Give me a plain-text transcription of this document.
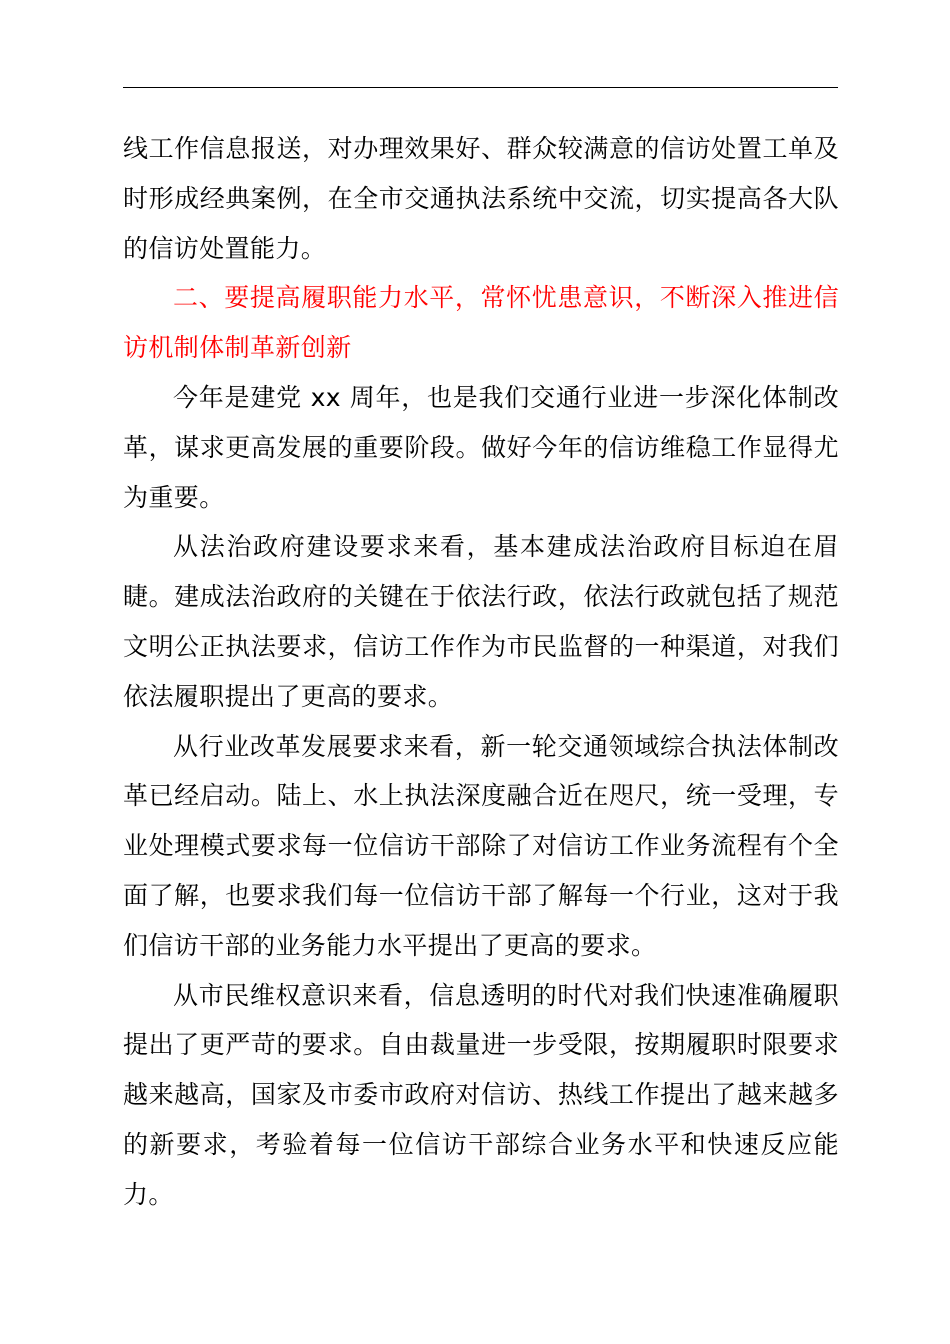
线工作信息报送，对办理效果好、群众较满意的信访处置工单及时形成经典案例，在全市交通执法系统中交流，切实提高各大队的信访处置能力。

二、要提高履职能力水平，常怀忧患意识，不断深入推进信访机制体制革新创新

今年是建党 xx 周年，也是我们交通行业进一步深化体制改革，谋求更高发展的重要阶段。做好今年的信访维稳工作显得尤为重要。

从法治政府建设要求来看，基本建成法治政府目标迫在眉睫。建成法治政府的关键在于依法行政，依法行政就包括了规范文明公正执法要求，信访工作作为市民监督的一种渠道，对我们依法履职提出了更高的要求。

从行业改革发展要求来看，新一轮交通领域综合执法体制改革已经启动。陆上、水上执法深度融合近在咫尺，统一受理，专业处理模式要求每一位信访干部除了对信访工作业务流程有个全面了解，也要求我们每一位信访干部了解每一个行业，这对于我们信访干部的业务能力水平提出了更高的要求。

从市民维权意识来看，信息透明的时代对我们快速准确履职提出了更严苛的要求。自由裁量进一步受限，按期履职时限要求越来越高，国家及市委市政府对信访、热线工作提出了越来越多的新要求，考验着每一位信访干部综合业务水平和快速反应能力。
